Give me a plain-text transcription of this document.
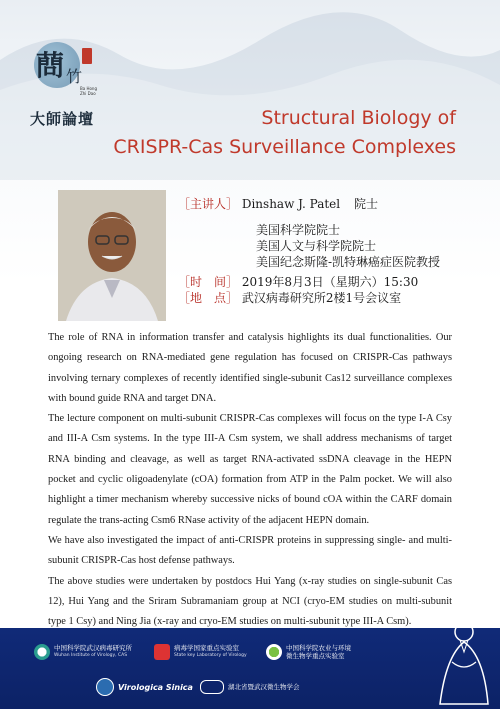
蔄 竹
Ba Hong Zhi Dao
大師論壇	Structural Biology of
CRISPR-Cas Surveillance Complexes
［主讲人］ Dinshaw J. Patel 院士
美国科学院院士
美国人文与科学院院士
美国纪念斯隆-凯特琳癌症医院教授
［时　间］ 2019年8月3日（星期六）15:30
［地　点］ 武汉病毒研究所2楼1号会议室

The role of RNA in information transfer and catalysis highlights its dual functionalities. Our ongoing research on RNA-mediated gene regulation has focused on CRISPR-Cas pathways involving ternary complexes of recently identified single-subunit Cas12 surveillance complexes with bound guide RNA and target DNA.

The lecture component on multi-subunit CRISPR-Cas complexes will focus on the type I-A Csy and III-A Csm systems. In the type III-A Csm system, we shall address mechanisms of target RNA binding and cleavage, as well as target RNA-activated ssDNA cleavage in the HEPN pocket and cyclic oligoadenylate (cOA) formation from ATP in the Palm pocket. We will also highlight a timer mechanism whereby successive nicks of bound cOA within the CARF domain regulate the trans-acting Csm6 RNase activity of the adjacent HEPN domain.

We have also investigated the impact of anti-CRISPR proteins in suppressing single- and multi-subunit CRISPR-Cas host defense pathways.

The above studies were undertaken by postdocs Hui Yang (x-ray studies on single-subunit Cas 12), Hui Yang and the Sriram Subramaniam group at NCI (cryo-EM studies on multi-subunit type 1 Csy) and Ning Jia (x-ray and cryo-EM studies on multi-subunit type III-A Csm).

中国科学院武汉病毒研究所
Wuhan Institute of Virology, CAS
病毒学国家重点实验室
State key Laboratory of Virology
中国科学院农业与环境
微生物学重点实验室
Virologica Sinica	湖北省暨武汉微生物学会
